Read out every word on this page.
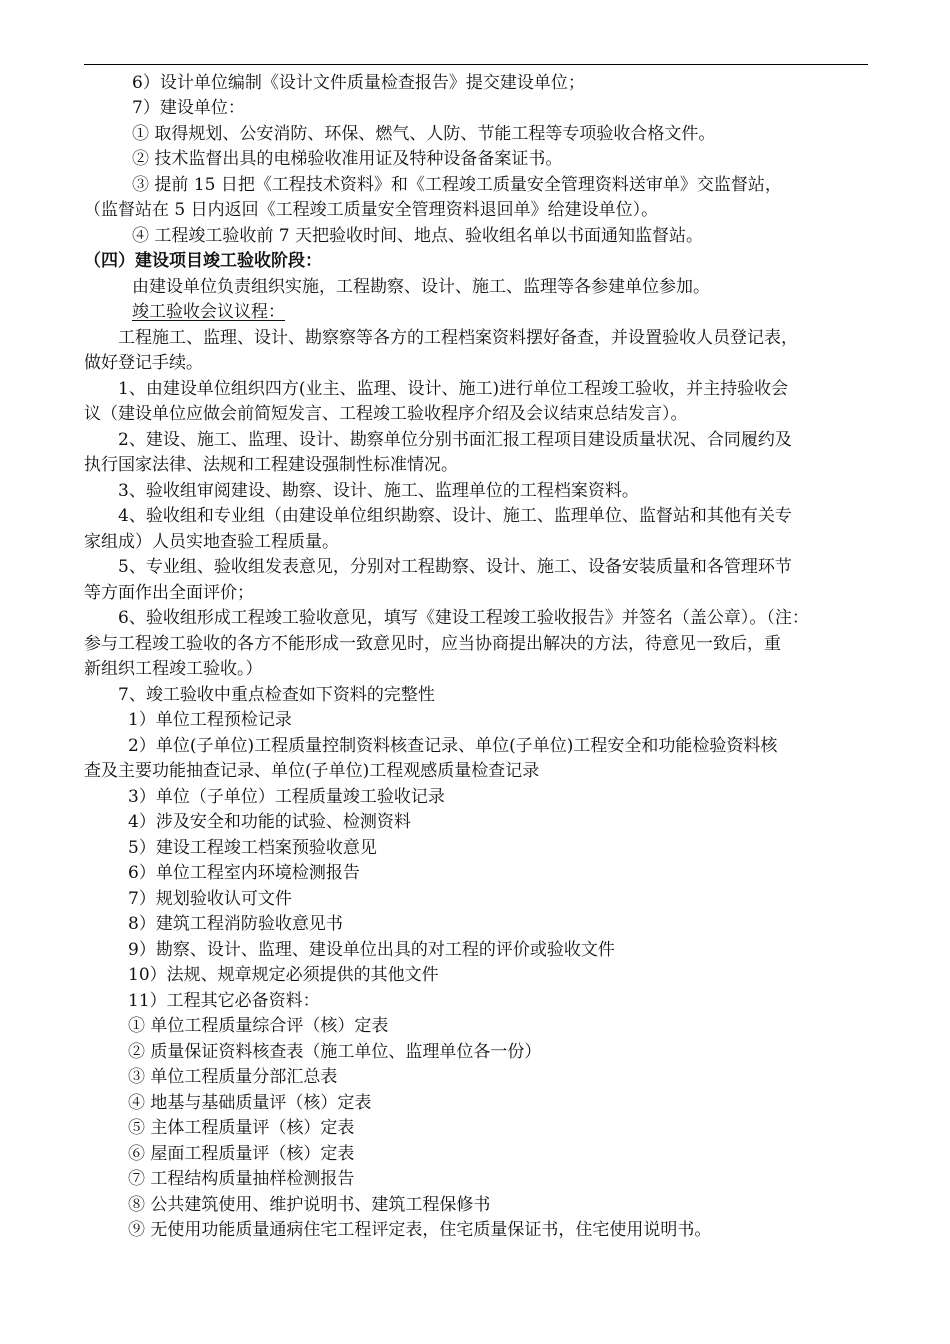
6）设计单位编制《设计文件质量检查报告》提交建设单位；
7）建设单位：
① 取得规划、公安消防、环保、燃气、人防、节能工程等专项验收合格文件。
② 技术监督出具的电梯验收准用证及特种设备备案证书。
③ 提前 15 日把《工程技术资料》和《工程竣工质量安全管理资料送审单》交监督站，
（监督站在 5 日内返回《工程竣工质量安全管理资料退回单》给建设单位）。
④ 工程竣工验收前 7 天把验收时间、地点、验收组名单以书面通知监督站。
（四）建设项目竣工验收阶段：
由建设单位负责组织实施，工程勘察、设计、施工、监理等各参建单位参加。
竣工验收会议议程：
工程施工、监理、设计、勘察察等各方的工程档案资料摆好备查，并设置验收人员登记表，
做好登记手续。
1、由建设单位组织四方(业主、监理、设计、施工)进行单位工程竣工验收，并主持验收会
议（建设单位应做会前简短发言、工程竣工验收程序介绍及会议结束总结发言）。
2、建设、施工、监理、设计、勘察单位分别书面汇报工程项目建设质量状况、合同履约及
执行国家法律、法规和工程建设强制性标准情况。
3、验收组审阅建设、勘察、设计、施工、监理单位的工程档案资料。
4、验收组和专业组（由建设单位组织勘察、设计、施工、监理单位、监督站和其他有关专
家组成）人员实地查验工程质量。
5、专业组、验收组发表意见，分别对工程勘察、设计、施工、设备安装质量和各管理环节
等方面作出全面评价；
6、验收组形成工程竣工验收意见，填写《建设工程竣工验收报告》并签名（盖公章）。（注：
参与工程竣工验收的各方不能形成一致意见时，应当协商提出解决的方法，待意见一致后，重
新组织工程竣工验收。）
7、竣工验收中重点检查如下资料的完整性
1）单位工程预检记录
2）单位(子单位)工程质量控制资料核查记录、单位(子单位)工程安全和功能检验资料核
查及主要功能抽查记录、单位(子单位)工程观感质量检查记录
3）单位（子单位）工程质量竣工验收记录
4）涉及安全和功能的试验、检测资料
5）建设工程竣工档案预验收意见
6）单位工程室内环境检测报告
7）规划验收认可文件
8）建筑工程消防验收意见书
9）勘察、设计、监理、建设单位出具的对工程的评价或验收文件
10）法规、规章规定必须提供的其他文件
11）工程其它必备资料：
① 单位工程质量综合评（核）定表
② 质量保证资料核查表（施工单位、监理单位各一份）
③ 单位工程质量分部汇总表
④ 地基与基础质量评（核）定表
⑤ 主体工程质量评（核）定表
⑥ 屋面工程质量评（核）定表
⑦ 工程结构质量抽样检测报告
⑧ 公共建筑使用、维护说明书、建筑工程保修书
⑨ 无使用功能质量通病住宅工程评定表，住宅质量保证书，住宅使用说明书。
